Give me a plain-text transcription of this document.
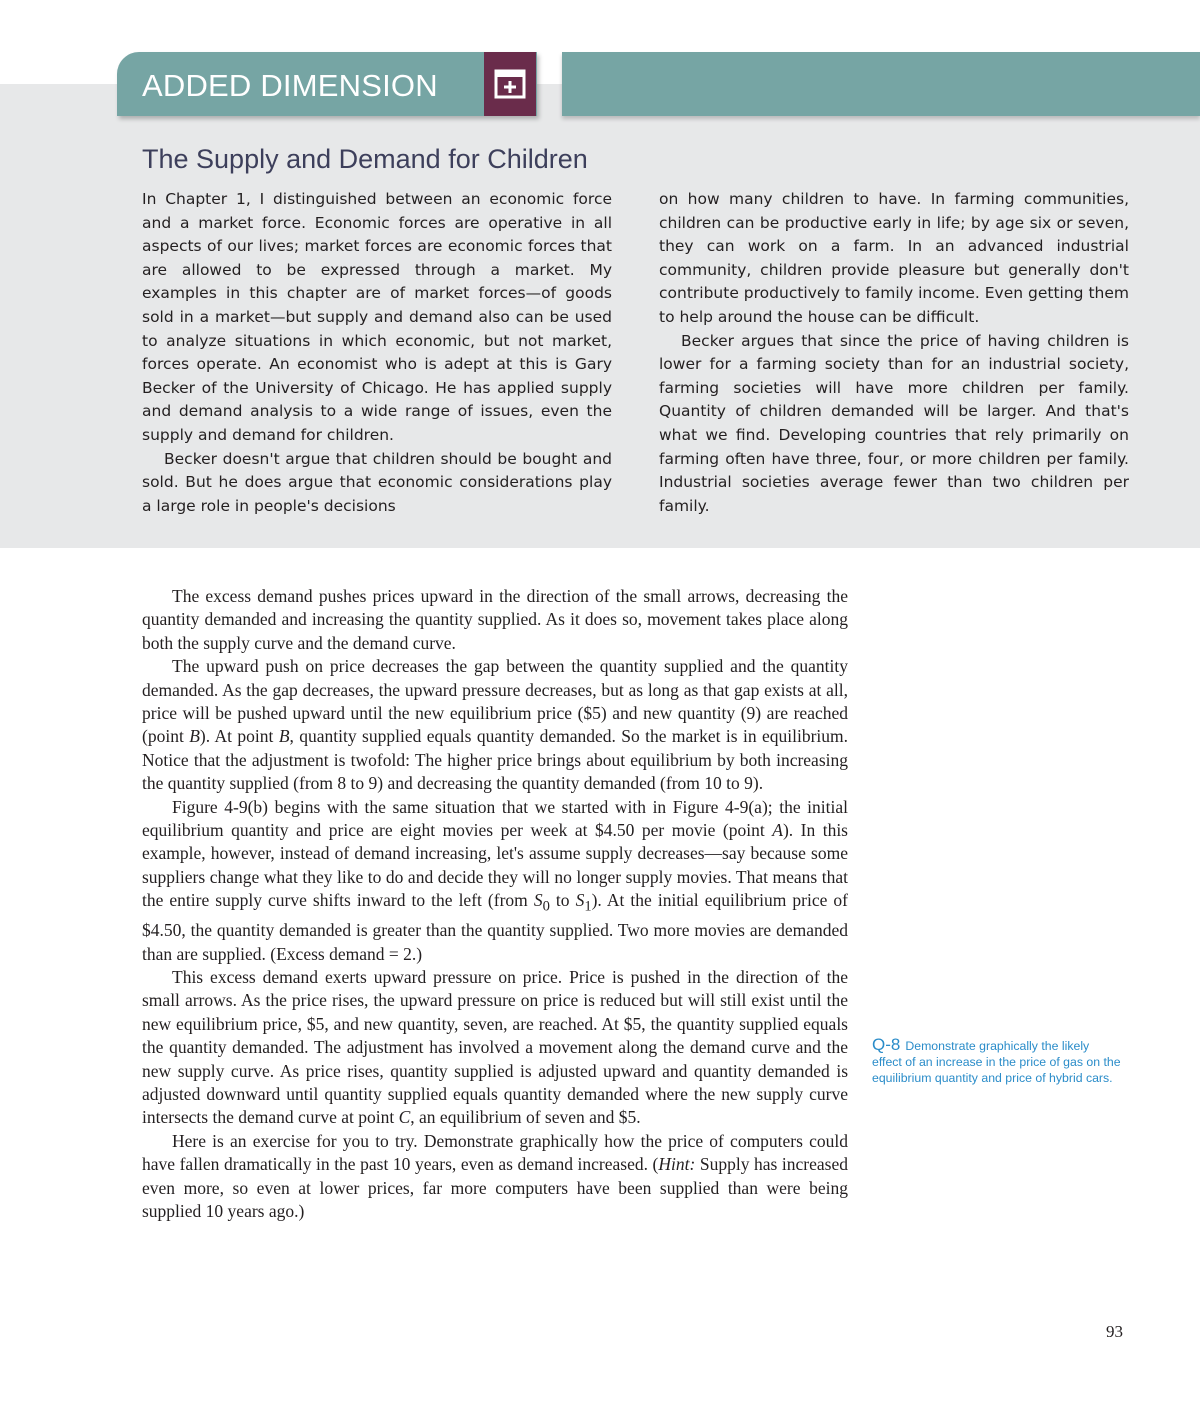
ADDED DIMENSION
The Supply and Demand for Children

In Chapter 1, I distinguished between an economic force and a market force. Economic forces are operative in all aspects of our lives; market forces are economic forces that are allowed to be expressed through a market. My examples in this chapter are of market forces—of goods sold in a market—but supply and demand also can be used to analyze situations in which economic, but not market, forces operate. An economist who is adept at this is Gary Becker of the University of Chicago. He has applied supply and demand analysis to a wide range of issues, even the supply and demand for children.

Becker doesn't argue that children should be bought and sold. But he does argue that economic considerations play a large role in people's decisions

on how many children to have. In farming communities, children can be productive early in life; by age six or seven, they can work on a farm. In an advanced industrial community, children provide pleasure but generally don't contribute productively to family income. Even getting them to help around the house can be difficult.

Becker argues that since the price of having children is lower for a farming society than for an industrial society, farming societies will have more children per family. Quantity of children demanded will be larger. And that's what we find. Developing countries that rely primarily on farming often have three, four, or more children per family. Industrial societies average fewer than two children per family.

The excess demand pushes prices upward in the direction of the small arrows, decreasing the quantity demanded and increasing the quantity supplied. As it does so, movement takes place along both the supply curve and the demand curve.

The upward push on price decreases the gap between the quantity supplied and the quantity demanded. As the gap decreases, the upward pressure decreases, but as long as that gap exists at all, price will be pushed upward until the new equilibrium price ($5) and new quantity (9) are reached (point B). At point B, quantity supplied equals quantity demanded. So the market is in equilibrium. Notice that the adjustment is twofold: The higher price brings about equilibrium by both increasing the quantity supplied (from 8 to 9) and decreasing the quantity demanded (from 10 to 9).

Figure 4-9(b) begins with the same situation that we started with in Figure 4-9(a); the initial equilibrium quantity and price are eight movies per week at $4.50 per movie (point A). In this example, however, instead of demand increasing, let's assume supply decreases—say because some suppliers change what they like to do and decide they will no longer supply movies. That means that the entire supply curve shifts inward to the left (from $S_0$ to $S_1$). At the initial equilibrium price of $4.50, the quantity demanded is greater than the quantity supplied. Two more movies are demanded than are supplied. (Excess demand = 2.)

This excess demand exerts upward pressure on price. Price is pushed in the direction of the small arrows. As the price rises, the upward pressure on price is reduced but will still exist until the new equilibrium price, $5, and new quantity, seven, are reached. At $5, the quantity supplied equals the quantity demanded. The adjustment has involved a movement along the demand curve and the new supply curve. As price rises, quantity supplied is adjusted upward and quantity demanded is adjusted downward until quantity supplied equals quantity demanded where the new supply curve intersects the demand curve at point C, an equilibrium of seven and $5.

Here is an exercise for you to try. Demonstrate graphically how the price of computers could have fallen dramatically in the past 10 years, even as demand increased. (Hint: Supply has increased even more, so even at lower prices, far more computers have been supplied than were being supplied 10 years ago.)

Q-8 Demonstrate graphically the likely effect of an increase in the price of gas on the equilibrium quantity and price of hybrid cars.
93
